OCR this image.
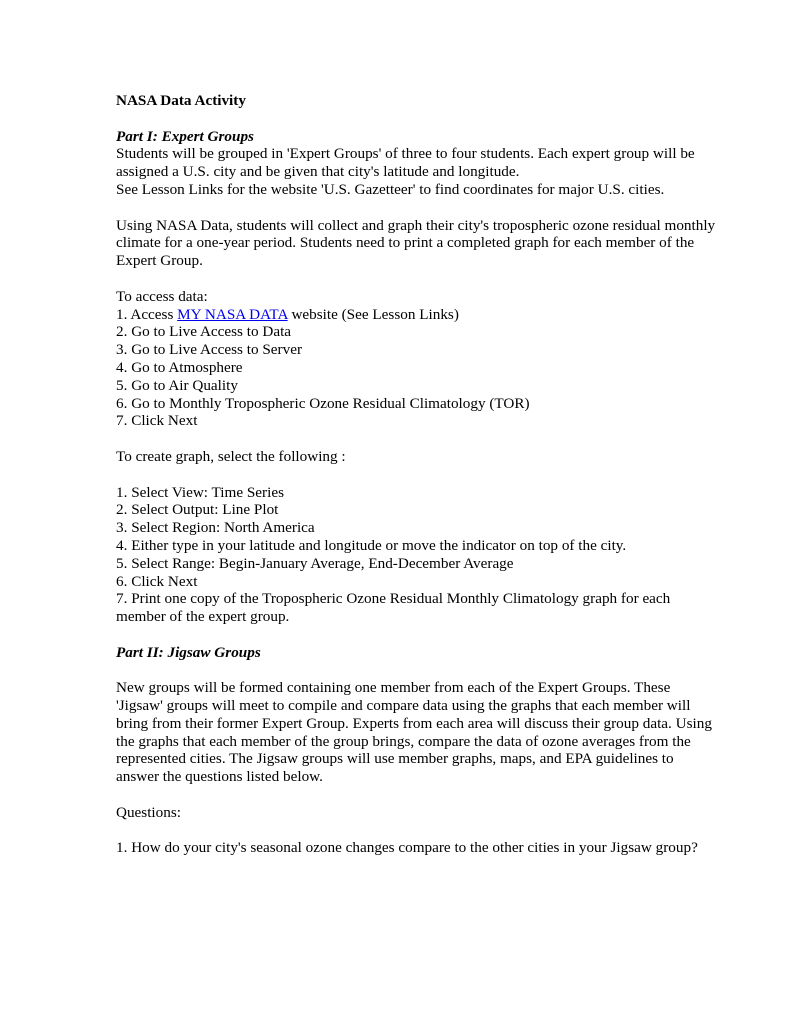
NASA Data Activity

Part I: Expert Groups

Students will be grouped in 'Expert Groups' of three to four students. Each expert group will be assigned a U.S. city and be given that city's latitude and longitude.
See Lesson Links for the website 'U.S. Gazetteer' to find coordinates for major U.S. cities.

Using NASA Data, students will collect and graph their city's tropospheric ozone residual monthly climate for a one-year period. Students need to print a completed graph for each member of the Expert Group.

To access data:

1. Access MY NASA DATA website (See Lesson Links)
2. Go to Live Access to Data
3. Go to Live Access to Server
4. Go to Atmosphere
5. Go to Air Quality
6. Go to Monthly Tropospheric Ozone Residual Climatology (TOR)
7. Click Next

To create graph, select the following :

1. Select View: Time Series
2. Select Output: Line Plot
3. Select Region: North America
4. Either type in your latitude and longitude or move the indicator on top of the city.
5. Select Range: Begin-January Average, End-December Average
6. Click Next
7. Print one copy of the Tropospheric Ozone Residual Monthly Climatology graph for each member of the expert group.

Part II: Jigsaw Groups

New groups will be formed containing one member from each of the Expert Groups. These 'Jigsaw' groups will meet to compile and compare data using the graphs that each member will bring from their former Expert Group. Experts from each area will discuss their group data. Using the graphs that each member of the group brings, compare the data of ozone averages from the represented cities. The Jigsaw groups will use member graphs, maps, and EPA guidelines to answer the questions listed below.

Questions:

1. How do your city's seasonal ozone changes compare to the other cities in your Jigsaw group?
